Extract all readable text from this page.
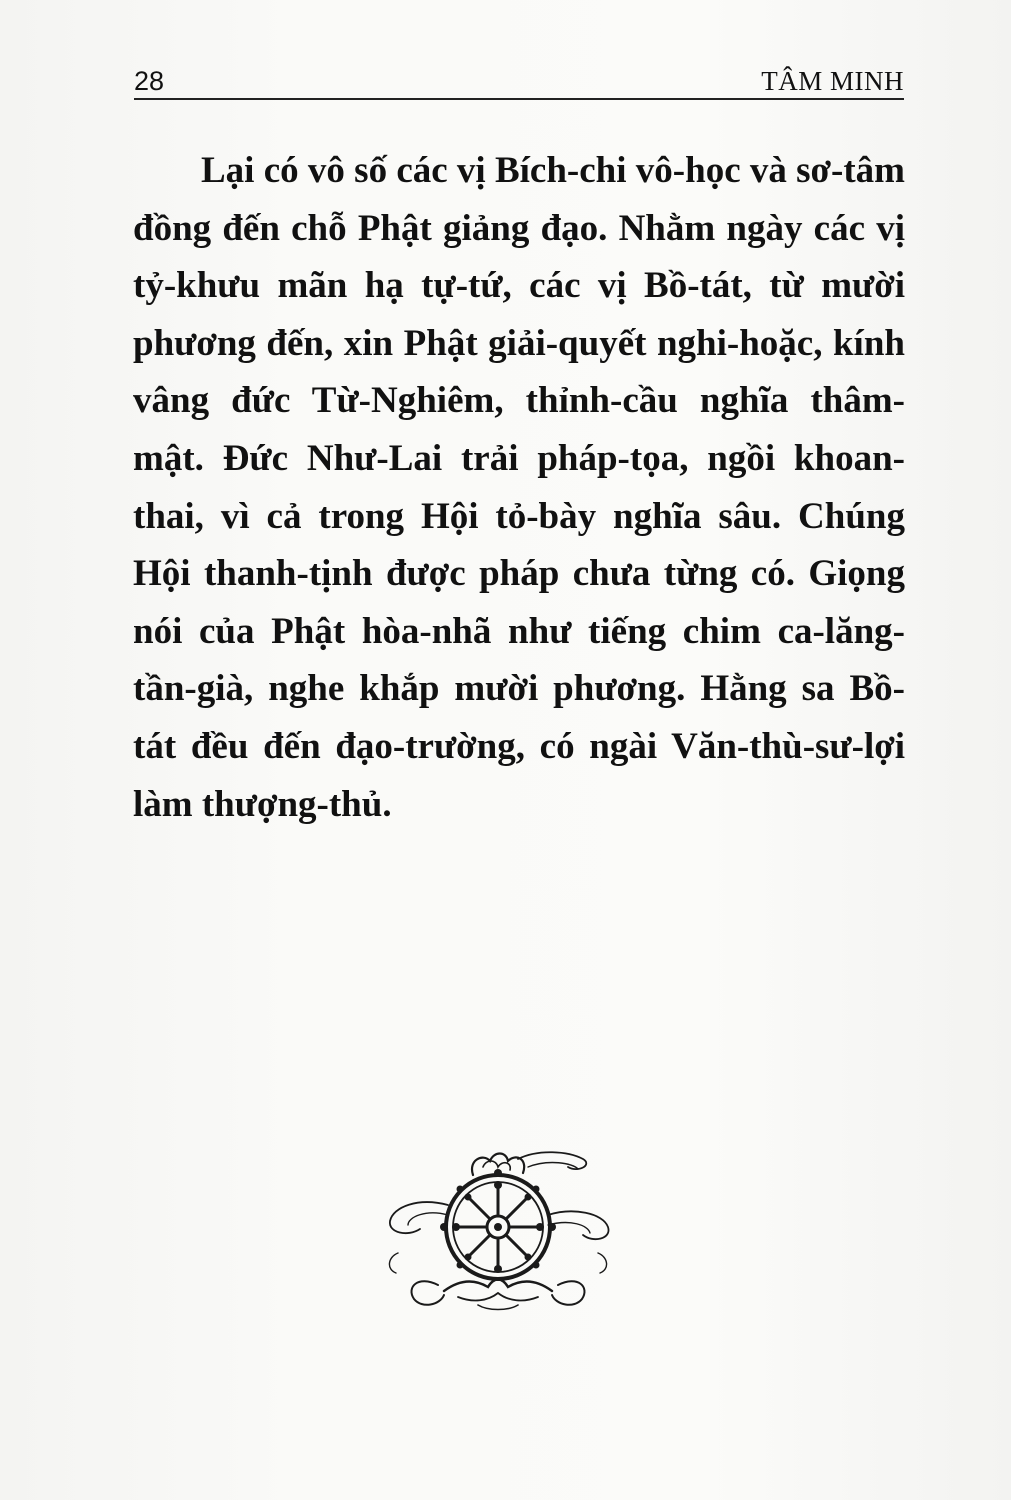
28	TÂM MINH

Lại có vô số các vị Bích-chi vô-học và sơ-tâm đồng đến chỗ Phật giảng đạo. Nhằm ngày các vị tỷ-khưu mãn hạ tự-tứ, các vị Bồ-tát, từ mười phương đến, xin Phật giải-quyết nghi-hoặc, kính vâng đức Từ-Nghiêm, thỉnh-cầu nghĩa thâm-mật. Đức Như-Lai trải pháp-tọa, ngồi khoan-thai, vì cả trong Hội tỏ-bày nghĩa sâu. Chúng Hội thanh-tịnh được pháp chưa từng có. Giọng nói của Phật hòa-nhã như tiếng chim ca-lăng-tần-già, nghe khắp mười phương. Hằng sa Bồ-tát đều đến đạo-trường, có ngài Văn-thù-sư-lợi làm thượng-thủ.
